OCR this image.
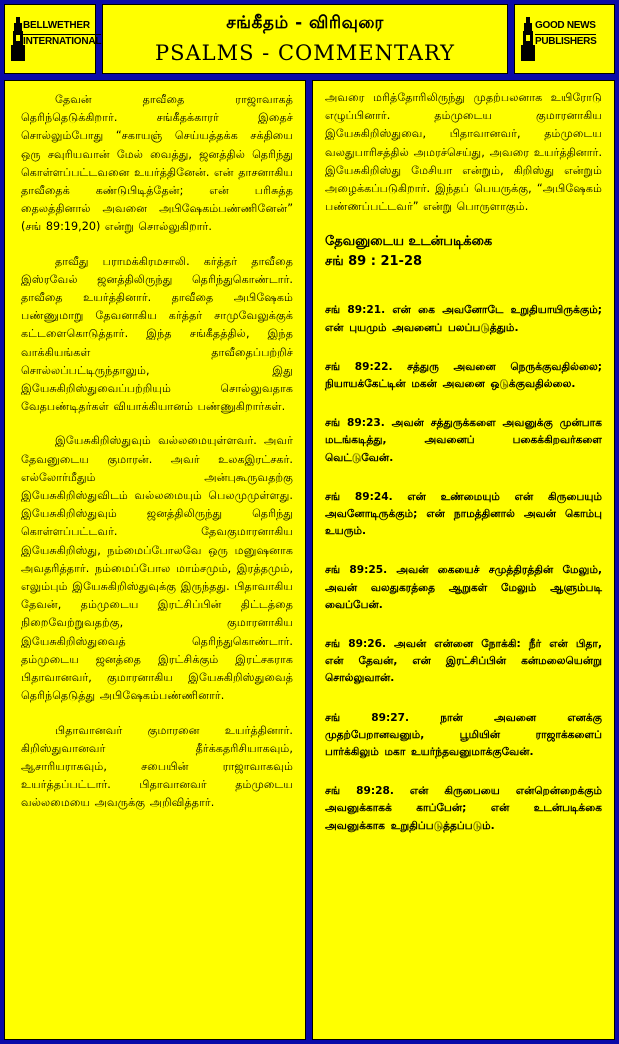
BELLWETHER
INTERNATIONAL
சங்கீதம் - விரிவுரை
PSALMS - COMMENTARY
GOOD NEWS
PUBLISHERS

தேவன் தாவீதை ராஜாவாகத் தெரிந்தெடுக்கிறார். சங்கீதக்காரர் இதைச் சொல்லும்போது “சகாயஞ் செய்யத்தக்க சக்தியை ஒரு சவுரியவான் மேல் வைத்து, ஜனத்தில் தெரிந்து கொள்ளப்பட்டவனை உயர்த்தினேன். என் தாசனாகிய தாவீதைக் கண்டுபிடித்தேன்; என் பரிசுத்த தைலத்தினால் அவனை அபிஷேகம்பண்ணினேன்” (சங் 89:19,20) என்று சொல்லுகிறார்.

தாவீது பராமக்கிரமசாலி. கர்த்தர் தாவீதை இஸ்ரவேல் ஜனத்திலிருந்து தெரிந்துகொண்டார். தாவீதை உயர்த்தினார். தாவீதை அபிஷேகம் பண்ணுமாறு தேவனாகிய கர்த்தர் சாமுவேலுக்குக் கட்டளைகொடுத்தார். இந்த சங்கீதத்தில், இந்த வாக்கியங்கள் தாவீதைப்பற்றிச் சொல்லப்பட்டிருந்தாலும், இது இயேசுகிறிஸ்துவைப்பற்றியும் சொல்லுவதாக வேதபண்டிதர்கள் வியாக்கியானம் பண்ணுகிறார்கள்.

இயேசுகிறிஸ்துவும் வல்லமையுள்ளவர். அவர் தேவனுடைய குமாரன். அவர் உலகஇரட்சகர். எல்லோர்மீதும் அன்புகூருவதற்கு இயேசுகிறிஸ்துவிடம் வல்லமையும் பெலமுமுள்ளது. இயேசுகிறிஸ்துவும் ஜனத்திலிருந்து தெரிந்து கொள்ளப்பட்டவர். தேவகுமாரனாகிய இயேசுகிறிஸ்து, நம்மைப்போலவே ஒரு மனுஷனாக அவதரித்தார். நம்மைப்போல மாம்சமும், இரத்தமும், எலும்பும் இயேசுகிறிஸ்துவுக்கு இருந்தது. பிதாவாகிய தேவன், தம்முடைய இரட்சிப்பின் திட்டத்தை நிறைவேற்றுவதற்கு, குமாரனாகிய இயேசுகிறிஸ்துவைத் தெரிந்துகொண்டார். தம்முடைய ஜனத்தை இரட்சிக்கும் இரட்சகராக பிதாவானவர், குமாரனாகிய இயேசுகிறிஸ்துவைத் தெரிந்தெடுத்து அபிஷேகம்பண்ணினார்.

பிதாவானவர் குமாரனை உயர்த்தினார். கிறிஸ்துவானவர் தீர்க்கதரிசியாகவும், ஆசாரியராகவும், சபையின் ராஜாவாகவும் உயர்த்தப்பட்டார். பிதாவானவர் தம்முடைய வல்லமையை அவருக்கு அறிவித்தார்.

அவரை மரித்தோரிலிருந்து முதற்பலனாக உயிரோடு எழுப்பினார். தம்முடைய குமாரனாகிய இயேசுகிறிஸ்துவை, பிதாவானவர், தம்முடைய வலதுபாரிசத்தில் அமரச்செய்து, அவரை உயர்த்தினார். இயேசுகிறிஸ்து மேசியா என்றும், கிறிஸ்து என்றும் அழைக்கப்படுகிறார். இந்தப் பெயருக்கு, “அபிஷேகம் பண்ணப்பட்டவர்” என்று பொருளாகும்.

தேவனுடைய உடன்படிக்கை
சங் 89 : 21-28

சங் 89:21. என் கை அவனோடே உறுதியாயிருக்கும்; என் புயமும் அவனைப் பலப்படுத்தும்.

சங் 89:22. சத்துரு அவனை நெருக்குவதில்லை; நியாயக்கேட்டின் மகன் அவனை ஒடுக்குவதில்லை.

சங் 89:23. அவன் சத்துருக்களை அவனுக்கு முன்பாக மடங்கடித்து, அவனைப் பகைக்கிறவர்களை வெட்டுவேன்.

சங் 89:24. என் உண்மையும் என் கிருபையும் அவனோடிருக்கும்; என் நாமத்தினால் அவன் கொம்பு உயரும்.

சங் 89:25. அவன் கையைச் சமுத்திரத்தின் மேலும், அவன் வலதுகரத்தை ஆறுகள் மேலும் ஆளும்படி வைப்பேன்.

சங் 89:26. அவன் என்னை நோக்கி: நீர் என் பிதா, என் தேவன், என் இரட்சிப்பின் கன்மலையென்று சொல்லுவான்.

சங் 89:27. நான் அவனை எனக்கு முதற்பேறானவனும், பூமியின் ராஜாக்களைப் பார்க்கிலும் மகா உயர்ந்தவனுமாக்குவேன்.

சங் 89:28. என் கிருபையை என்றென்றைக்கும் அவனுக்காகக் காப்பேன்; என் உடன்படிக்கை அவனுக்காக உறுதிப்படுத்தப்படும்.
